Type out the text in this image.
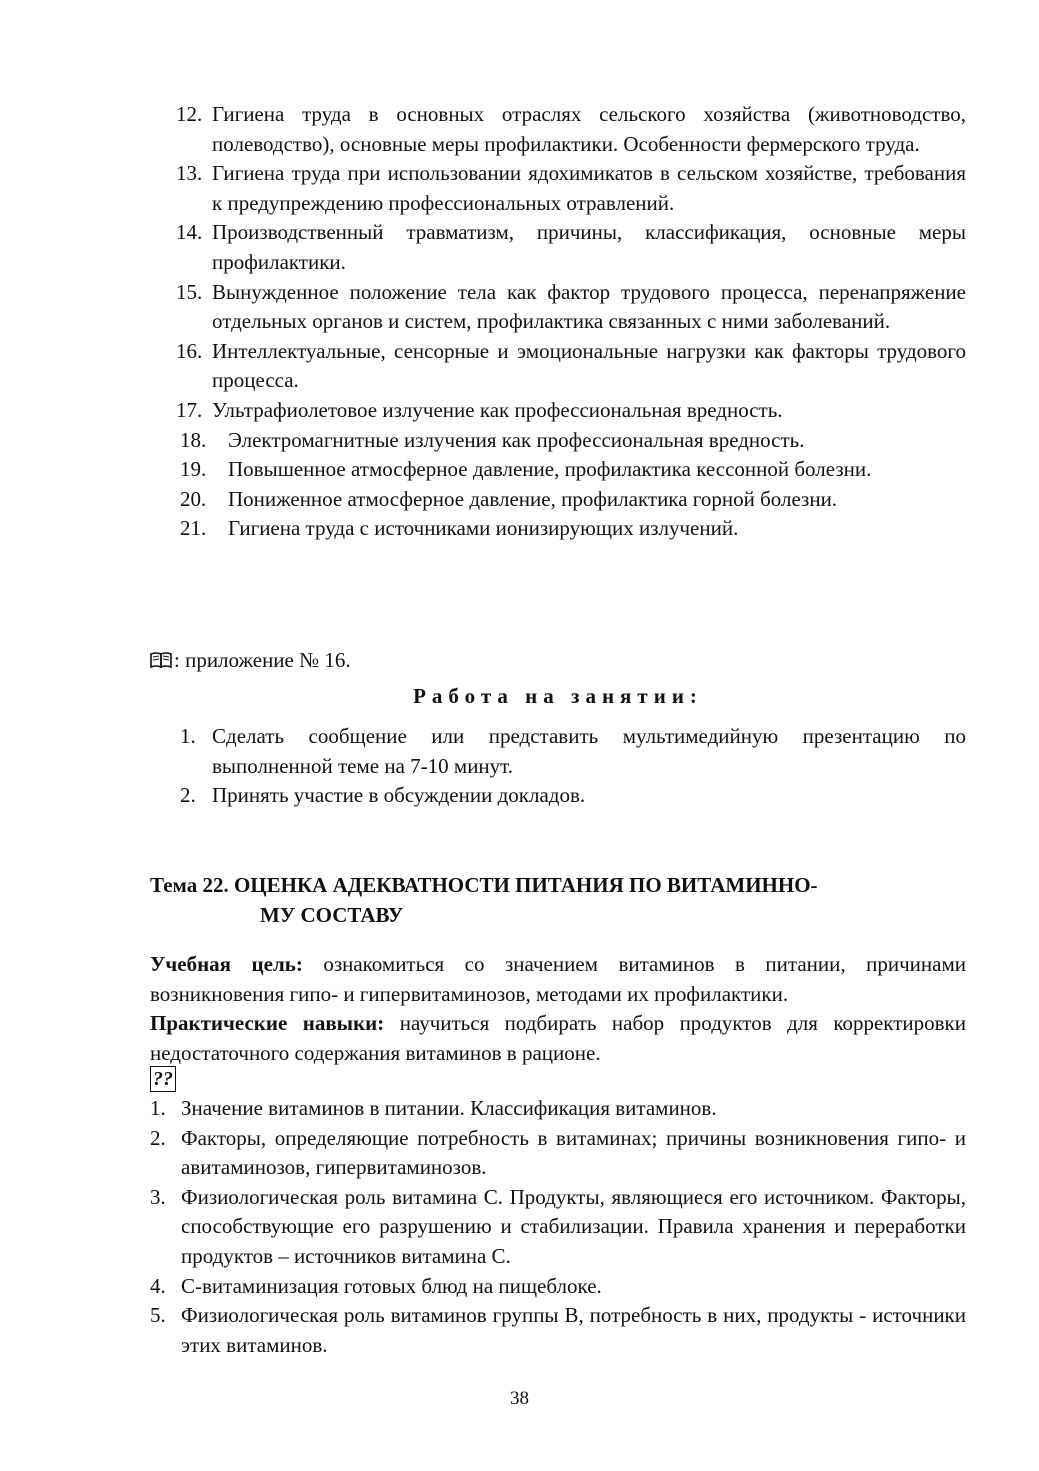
12. Гигиена труда в основных отраслях сельского хозяйства (животноводство, полеводство), основные меры профилактики. Особенности фермерского труда.
13. Гигиена труда при использовании ядохимикатов в сельском хозяйстве, требования к предупреждению профессиональных отравлений.
14. Производственный травматизм, причины, классификация, основные меры профилактики.
15. Вынужденное положение тела как фактор трудового процесса, перенапряжение отдельных органов и систем, профилактика связанных с ними заболеваний.
16. Интеллектуальные, сенсорные и эмоциональные нагрузки как факторы трудового процесса.
17. Ультрафиолетовое излучение как профессиональная вредность.
18. Электромагнитные излучения как профессиональная вредность.
19. Повышенное атмосферное давление, профилактика кессонной болезни.
20. Пониженное атмосферное давление, профилактика горной болезни.
21. Гигиена труда с источниками ионизирующих излучений.
: приложение № 16.
Работа на занятии:
1. Сделать сообщение или представить мультимедийную презентацию по выполненной теме на 7-10 минут.
2. Принять участие в обсуждении докладов.
Тема 22. ОЦЕНКА АДЕКВАТНОСТИ ПИТАНИЯ ПО ВИТАМИННО-
МУ СОСТАВУ
Учебная цель: ознакомиться со значением витаминов в питании, причинами возникновения гипо- и гипервитаминозов, методами их профилактики.
Практические навыки: научиться подбирать набор продуктов для корректировки недостаточного содержания витаминов в рационе.
??
1. Значение витаминов в питании. Классификация витаминов.
2. Факторы, определяющие потребность в витаминах; причины возникновения гипо- и авитаминозов, гипервитаминозов.
3. Физиологическая роль витамина С. Продукты, являющиеся его источником. Факторы, способствующие его разрушению и стабилизации. Правила хранения и переработки продуктов – источников витамина С.
4. С-витаминизация готовых блюд на пищеблоке.
5. Физиологическая роль витаминов группы В, потребность в них, продукты - источники этих витаминов.
38
